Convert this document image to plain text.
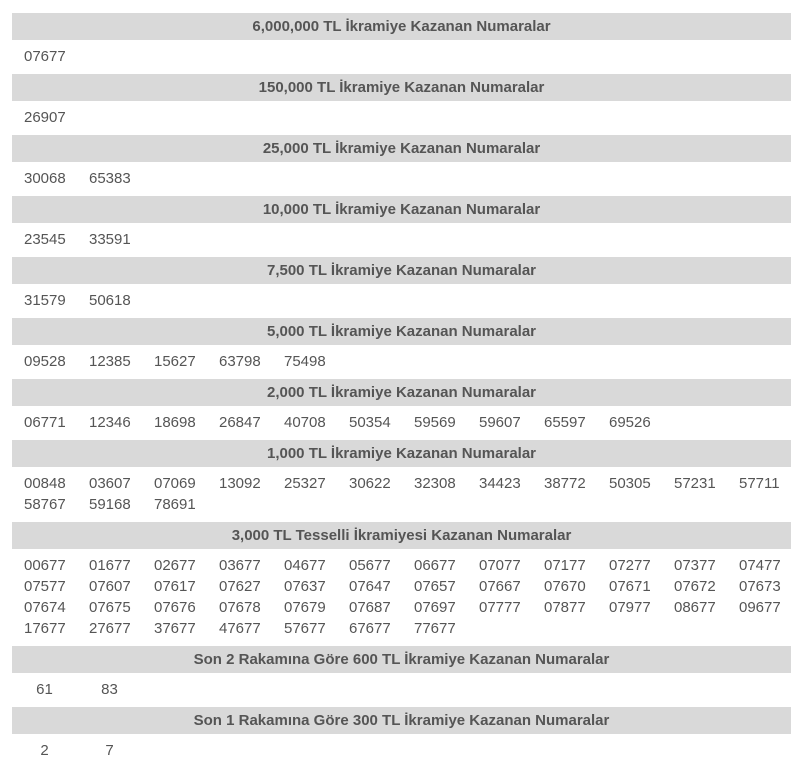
6,000,000 TL İkramiye Kazanan Numaralar
07677
150,000 TL İkramiye Kazanan Numaralar
26907
25,000 TL İkramiye Kazanan Numaralar
30068	65383
10,000 TL İkramiye Kazanan Numaralar
23545	33591
7,500 TL İkramiye Kazanan Numaralar
31579	50618
5,000 TL İkramiye Kazanan Numaralar
09528	12385	15627	63798	75498
2,000 TL İkramiye Kazanan Numaralar
06771	12346	18698	26847	40708	50354	59569	59607	65597	69526
1,000 TL İkramiye Kazanan Numaralar
00848	03607	07069	13092	25327	30622	32308	34423	38772	50305	57231	57711
58767	59168	78691
3,000 TL Tesselli İkramiyesi Kazanan Numaralar
00677	01677	02677	03677	04677	05677	06677	07077	07177	07277	07377	07477
07577	07607	07617	07627	07637	07647	07657	07667	07670	07671	07672	07673
07674	07675	07676	07678	07679	07687	07697	07777	07877	07977	08677	09677
17677	27677	37677	47677	57677	67677	77677
Son 2 Rakamına Göre 600 TL İkramiye Kazanan Numaralar
61	83
Son 1 Rakamına Göre 300 TL İkramiye Kazanan Numaralar
2	7
